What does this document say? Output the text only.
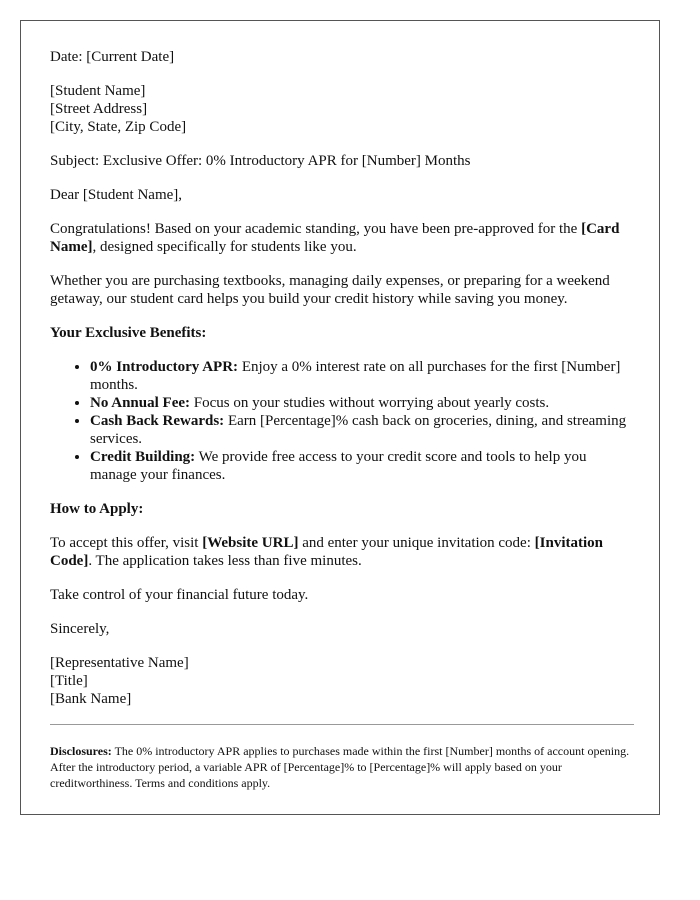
Date: [Current Date]

[Student Name]
[Street Address]
[City, State, Zip Code]

Subject: Exclusive Offer: 0% Introductory APR for [Number] Months

Dear [Student Name],

Congratulations! Based on your academic standing, you have been pre-approved for the [Card Name], designed specifically for students like you.

Whether you are purchasing textbooks, managing daily expenses, or preparing for a weekend getaway, our student card helps you build your credit history while saving you money.

Your Exclusive Benefits:

• 0% Introductory APR: Enjoy a 0% interest rate on all purchases for the first [Number] months.
• No Annual Fee: Focus on your studies without worrying about yearly costs.
• Cash Back Rewards: Earn [Percentage]% cash back on groceries, dining, and streaming services.
• Credit Building: We provide free access to your credit score and tools to help you manage your finances.

How to Apply:

To accept this offer, visit [Website URL] and enter your unique invitation code: [Invitation Code]. The application takes less than five minutes.

Take control of your financial future today.

Sincerely,

[Representative Name]
[Title]
[Bank Name]

Disclosures: The 0% introductory APR applies to purchases made within the first [Number] months of account opening. After the introductory period, a variable APR of [Percentage]% to [Percentage]% will apply based on your creditworthiness. Terms and conditions apply.
